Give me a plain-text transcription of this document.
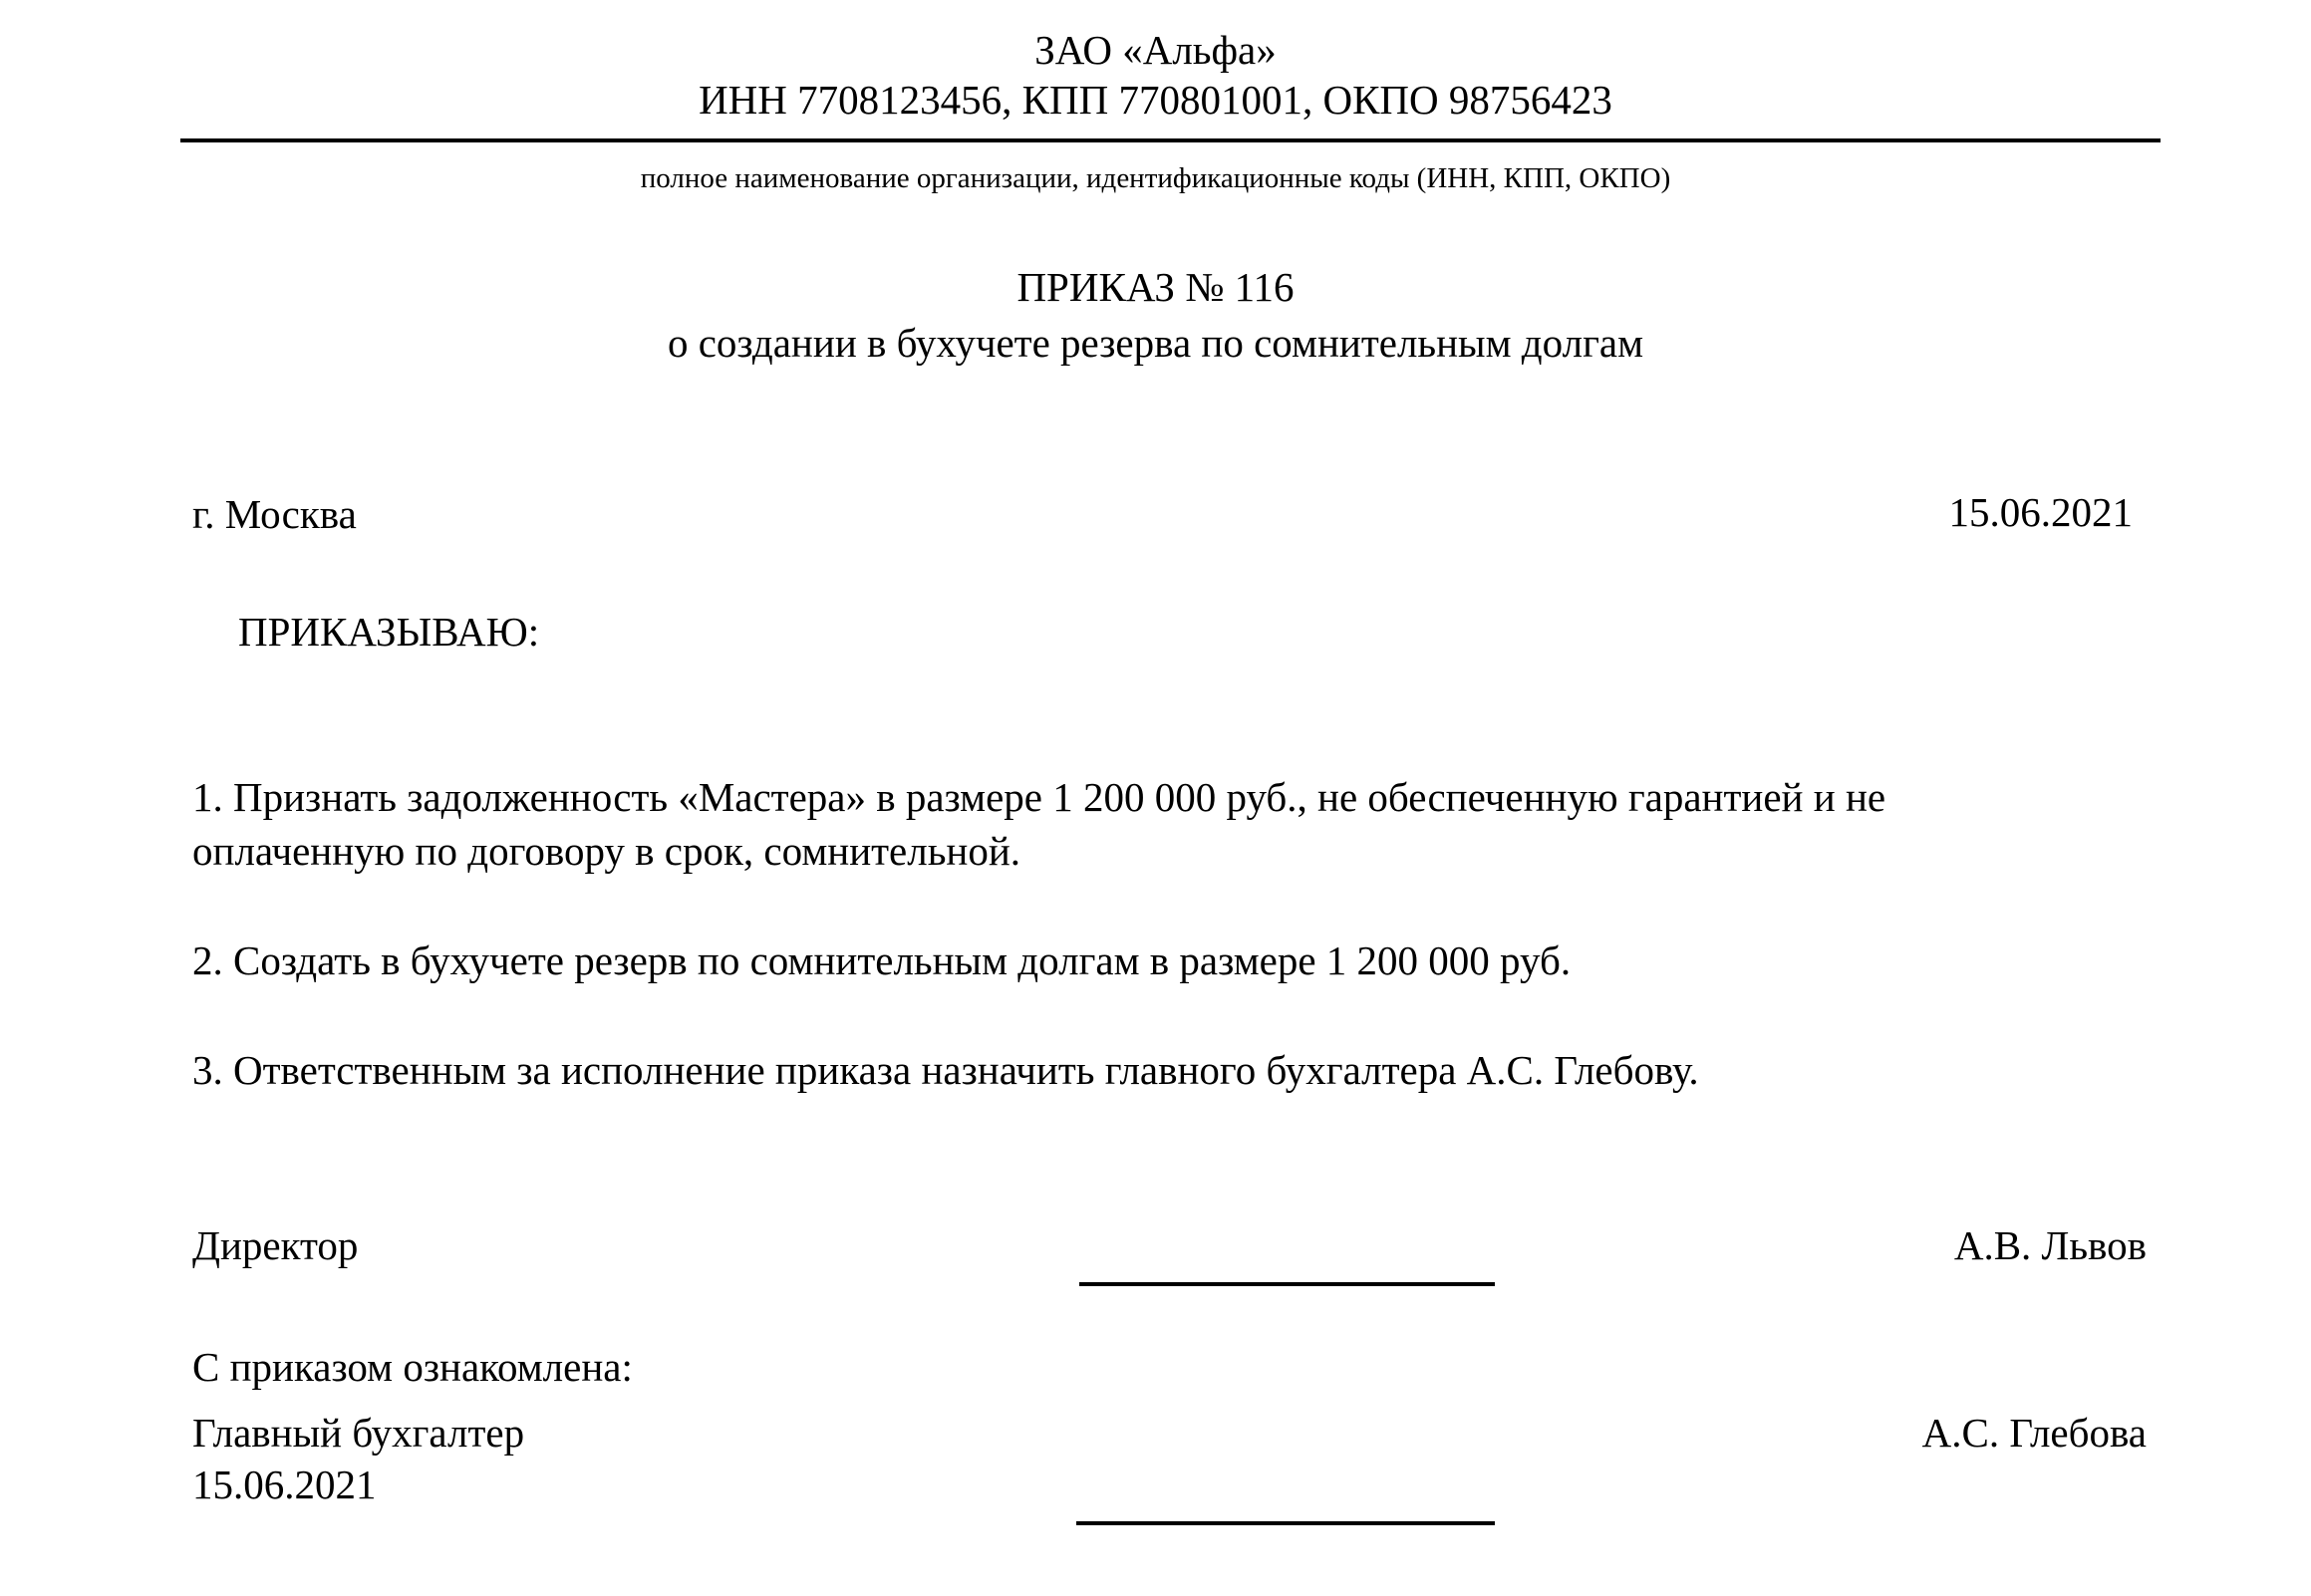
ЗАО «Альфа»
ИНН 7708123456, КПП 770801001, ОКПО 98756423
полное наименование организации, идентификационные коды (ИНН, КПП, ОКПО)
ПРИКАЗ № 116
о создании в бухучете резерва по сомнительным долгам
г. Москва	15.06.2021
ПРИКАЗЫВАЮ:
1. Признать задолженность «Мастера» в размере 1 200 000 руб., не обеспеченную гарантией и не
оплаченную по договору в срок, сомнительной.
2. Создать в бухучете резерв по сомнительным долгам в размере 1 200 000 руб.
3. Ответственным за исполнение приказа назначить главного бухгалтера А.С. Глебову.
Директор	А.В. Львов
С приказом ознакомлена:
Главный бухгалтер	А.С. Глебова
15.06.2021
